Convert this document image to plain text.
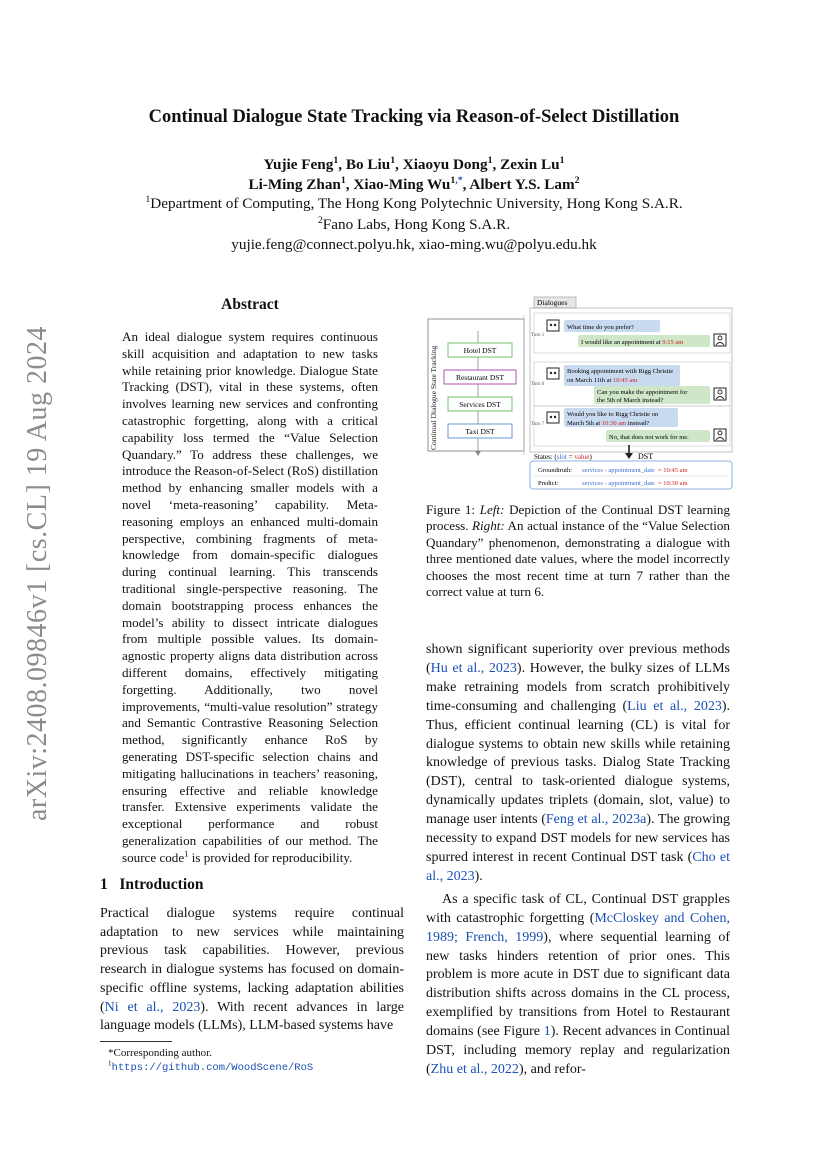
arXiv:2408.09846v1 [cs.CL] 19 Aug 2024
Continual Dialogue State Tracking via Reason-of-Select Distillation
Yujie Feng$^1$, Bo Liu$^1$, Xiaoyu Dong$^1$, Zexin Lu$^1$
Li-Ming Zhan$^1$, Xiao-Ming Wu$^{1,*}$, Albert Y.S. Lam$^2$
$^1$Department of Computing, The Hong Kong Polytechnic University, Hong Kong S.A.R.
$^2$Fano Labs, Hong Kong S.A.R.
yujie.feng@connect.polyu.hk, xiao-ming.wu@polyu.edu.hk
Abstract
An ideal dialogue system requires continuous skill acquisition and adaptation to new tasks while retaining prior knowledge. Dialogue State Tracking (DST), vital in these systems, often involves learning new services and confronting catastrophic forgetting, along with a critical capability loss termed the “Value Selection Quandary.” To address these challenges, we introduce the Reason-of-Select (RoS) distillation method by enhancing smaller models with a novel ‘meta-reasoning’ capability. Meta-reasoning employs an enhanced multi-domain perspective, combining fragments of meta-knowledge from domain-specific dialogues during continual learning. This transcends traditional single-perspective reasoning. The domain bootstrapping process enhances the model’s ability to dissect intricate dialogues from multiple possible values. Its domain-agnostic property aligns data distribution across different domains, effectively mitigating forgetting. Additionally, two novel improvements, “multi-value resolution” strategy and Semantic Contrastive Reasoning Selection method, significantly enhance RoS by generating DST-specific selection chains and mitigating hallucinations in teachers’ reasoning, ensuring effective and reliable knowledge transfer. Extensive experiments validate the exceptional performance and robust generalization capabilities of our method. The source code$^1$ is provided for reproducibility.
1   Introduction
Practical dialogue systems require continual adaptation to new services while maintaining previous task capabilities. However, previous research in dialogue systems has focused on domain-specific offline systems, lacking adaptation abilities (Ni et al., 2023). With recent advances in large language models (LLMs), LLM-based systems have
*Corresponding author.
$^1$https://github.com/WoodScene/RoS
Continual Dialogue State Tracking	Hotel DST
Restaurant DST
Services DST
Taxi DST
Dialogues
Turn 1
What time do you prefer?
I would like an appointment at 9:15 am
Turn 6
Booking appointment with Rigg Christie
on March 11th at 10:45 am
Can you make the appointment for
the 5th of March instead?
Turn 7
Would you like to Rigg Christie on
March 5th at 10:30 am instead?
No, that does not work for me.
DST
States: (slot = value)
Groundtruth: services - appointment_date = 10:45 am
Predict:	services - appointment_date = 10:30 am
Figure 1: Left: Depiction of the Continual DST learning process. Right: An actual instance of the “Value Selection Quandary” phenomenon, demonstrating a dialogue with three mentioned date values, where the model incorrectly chooses the most recent time at turn 7 rather than the correct value at turn 6.

shown significant superiority over previous methods (Hu et al., 2023). However, the bulky sizes of LLMs make retraining models from scratch prohibitively time-consuming and challenging (Liu et al., 2023). Thus, efficient continual learning (CL) is vital for dialogue systems to obtain new skills while retaining knowledge of previous tasks. Dialog State Tracking (DST), central to task-oriented dialogue systems, dynamically updates triplets (domain, slot, value) to manage user intents (Feng et al., 2023a). The growing necessity to expand DST models for new services has spurred interest in recent Continual DST task (Cho et al., 2023).

As a specific task of CL, Continual DST grapples with catastrophic forgetting (McCloskey and Cohen, 1989; French, 1999), where sequential learning of new tasks hinders retention of prior ones. This problem is more acute in DST due to significant data distribution shifts across domains in the CL process, exemplified by transitions from Hotel to Restaurant domains (see Figure 1). Recent advances in Continual DST, including memory replay and regularization (Zhu et al., 2022), and refor-
